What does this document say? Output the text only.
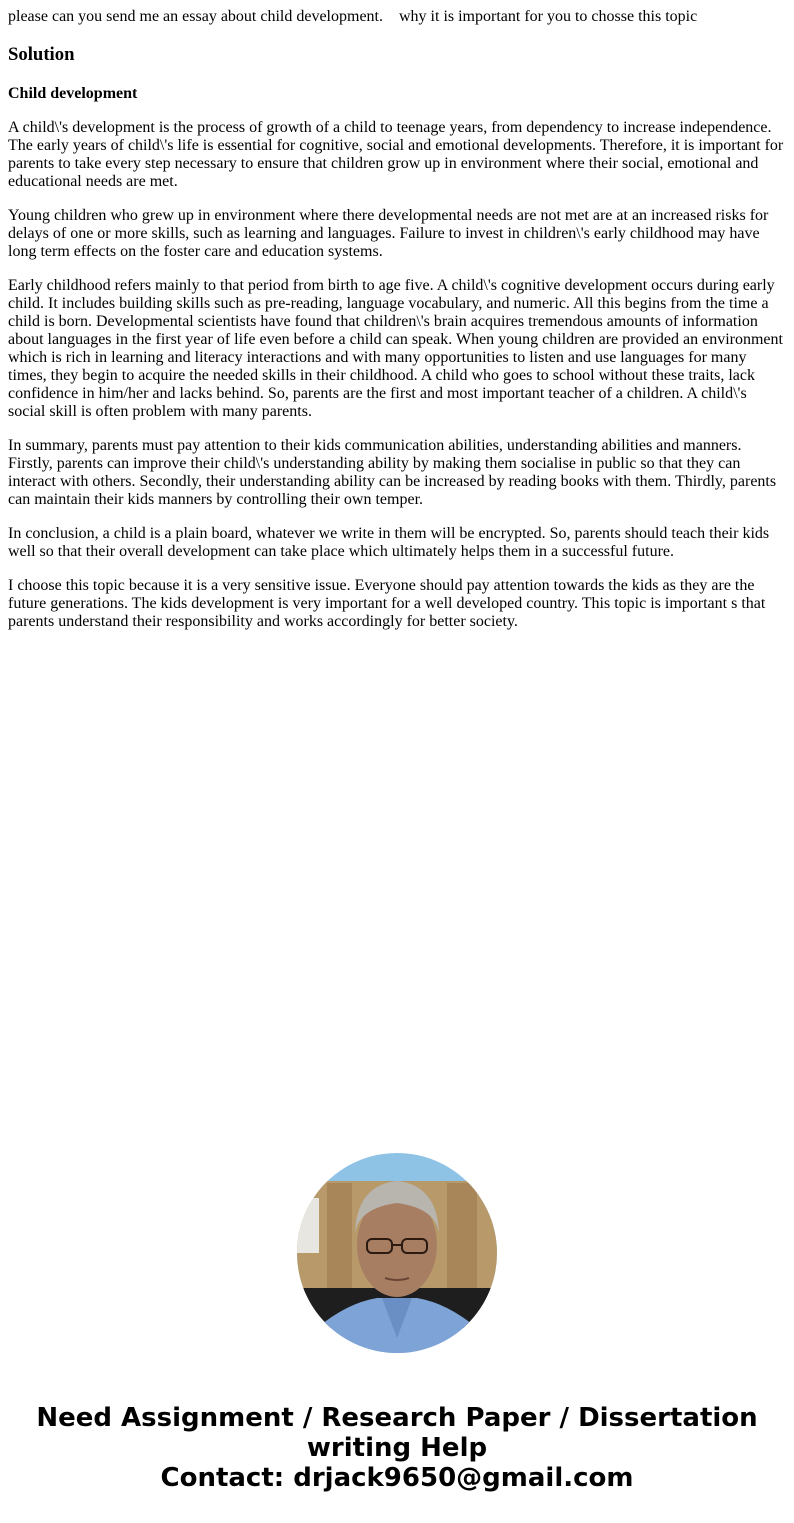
please can you send me an essay about child development.    why it is important for you to chosse this topic
Solution
Child development

A child\'s development is the process of growth of a child to teenage years, from dependency to increase independence. The early years of child\'s life is essential for cognitive, social and emotional developments. Therefore, it is important for parents to take every step necessary to ensure that children grow up in environment where their social, emotional and educational needs are met.

Young children who grew up in environment where there developmental needs are not met are at an increased risks for delays of one or more skills, such as learning and languages. Failure to invest in children\'s early childhood may have long term effects on the foster care and education systems.

Early childhood refers mainly to that period from birth to age five. A child\'s cognitive development occurs during early child. It includes building skills such as pre-reading, language vocabulary, and numeric. All this begins from the time a child is born. Developmental scientists have found that children\'s brain acquires tremendous amounts of information about languages in the first year of life even before a child can speak. When young children are provided an environment which is rich in learning and literacy interactions and with many opportunities to listen and use languages for many times, they begin to acquire the needed skills in their childhood. A child who goes to school without these traits, lack confidence in him/her and lacks behind. So, parents are the first and most important teacher of a children. A child\'s social skill is often problem with many parents.

In summary, parents must pay attention to their kids communication abilities, understanding abilities and manners. Firstly, parents can improve their child\'s understanding ability by making them socialise in public so that they can interact with others. Secondly, their understanding ability can be increased by reading books with them. Thirdly, parents can maintain their kids manners by controlling their own temper.

In conclusion, a child is a plain board, whatever we write in them will be encrypted. So, parents should teach their kids well so that their overall development can take place which ultimately helps them in a successful future.

I choose this topic because it is a very sensitive issue. Everyone should pay attention towards the kids as they are the future generations. The kids development is very important for a well developed country. This topic is important s that parents understand their responsibility and works accordingly for better society.

Need Assignment / Research Paper / Dissertation writing Help
Contact: drjack9650@gmail.com
